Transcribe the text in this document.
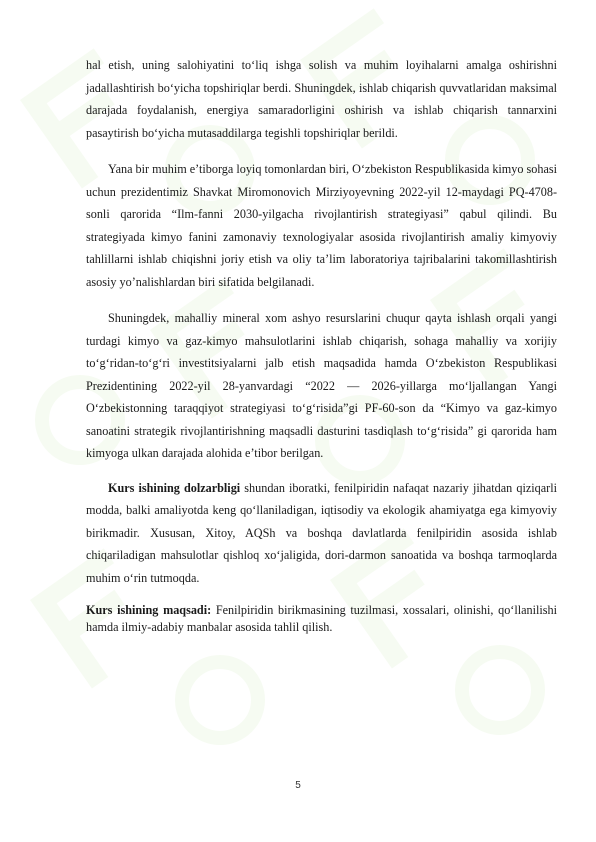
hal etish, uning salohiyatini to‘liq ishga solish va muhim loyihalarni amalga oshirishni jadallashtirish bo‘yicha topshiriqlar berdi. Shuningdek, ishlab chiqarish quvvatlaridan maksimal darajada foydalanish, energiya samaradorligini oshirish va ishlab chiqarish tannarxini pasaytirish bo‘yicha mutasaddilarga tegishli topshiriqlar berildi.

Yana bir muhim e’tiborga loyiq tomonlardan biri, O‘zbekiston Respublikasida kimyo sohasi uchun prezidentimiz Shavkat Miromonovich Mirziyoyevning 2022-yil 12-maydagi PQ-4708-sonli qarorida “Ilm-fanni 2030-yilgacha rivojlantirish strategiyasi” qabul qilindi. Bu strategiyada kimyo fanini zamonaviy texnologiyalar asosida rivojlantirish amaliy kimyoviy tahlillarni ishlab chiqishni joriy etish va oliy ta’lim laboratoriya tajribalarini takomillashtirish asosiy yo’nalishlardan biri sifatida belgilanadi.

Shuningdek, mahalliy mineral xom ashyo resurslarini chuqur qayta ishlash orqali yangi turdagi kimyo va gaz-kimyo mahsulotlarini ishlab chiqarish, sohaga mahalliy va xorijiy to‘g‘ridan-to‘g‘ri investitsiyalarni jalb etish maqsadida hamda O‘zbekiston Respublikasi Prezidentining 2022-yil 28-yanvardagi “2022 — 2026-yillarga mo‘ljallangan Yangi O‘zbekistonning taraqqiyot strategiyasi to‘g‘risida”gi PF-60-son da “Kimyo va gaz-kimyo sanoatini strategik rivojlantirishning maqsadli dasturini tasdiqlash to‘g‘risida” gi qarorida ham kimyoga ulkan darajada alohida e’tibor berilgan.

Kurs ishining dolzarbligi shundan iboratki, fenilpiridin nafaqat nazariy jihatdan qiziqarli modda, balki amaliyotda keng qo‘llaniladigan, iqtisodiy va ekologik ahamiyatga ega kimyoviy birikmadir. Xususan, Xitoy, AQSh va boshqa davlatlarda fenilpiridin asosida ishlab chiqariladigan mahsulotlar qishloq xo‘jaligida, dori-darmon sanoatida va boshqa tarmoqlarda muhim o‘rin tutmoqda.

Kurs ishining maqsadi: Fenilpiridin birikmasining tuzilmasi, xossalari, olinishi, qo‘llanilishi hamda ilmiy-adabiy manbalar asosida tahlil qilish.

5
